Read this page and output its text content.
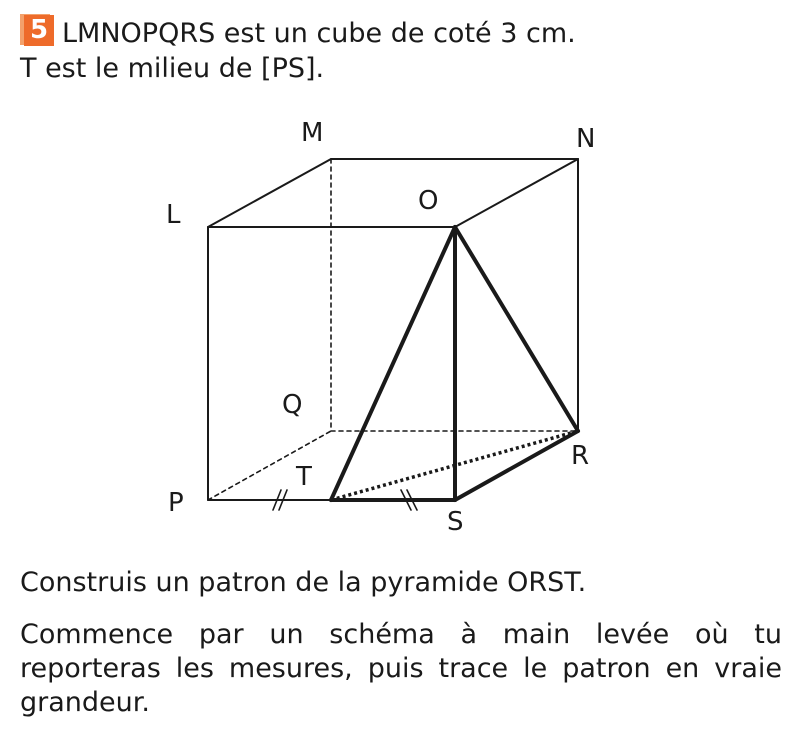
5 LMNOPQRS est un cube de coté 3 cm.
T est le milieu de [PS].
M	N
L	O
Q
R
T
P
S
Construis un patron de la pyramide ORST.
Commence par un schéma à main levée où tu reporteras les mesures, puis trace le patron en vraie grandeur.
